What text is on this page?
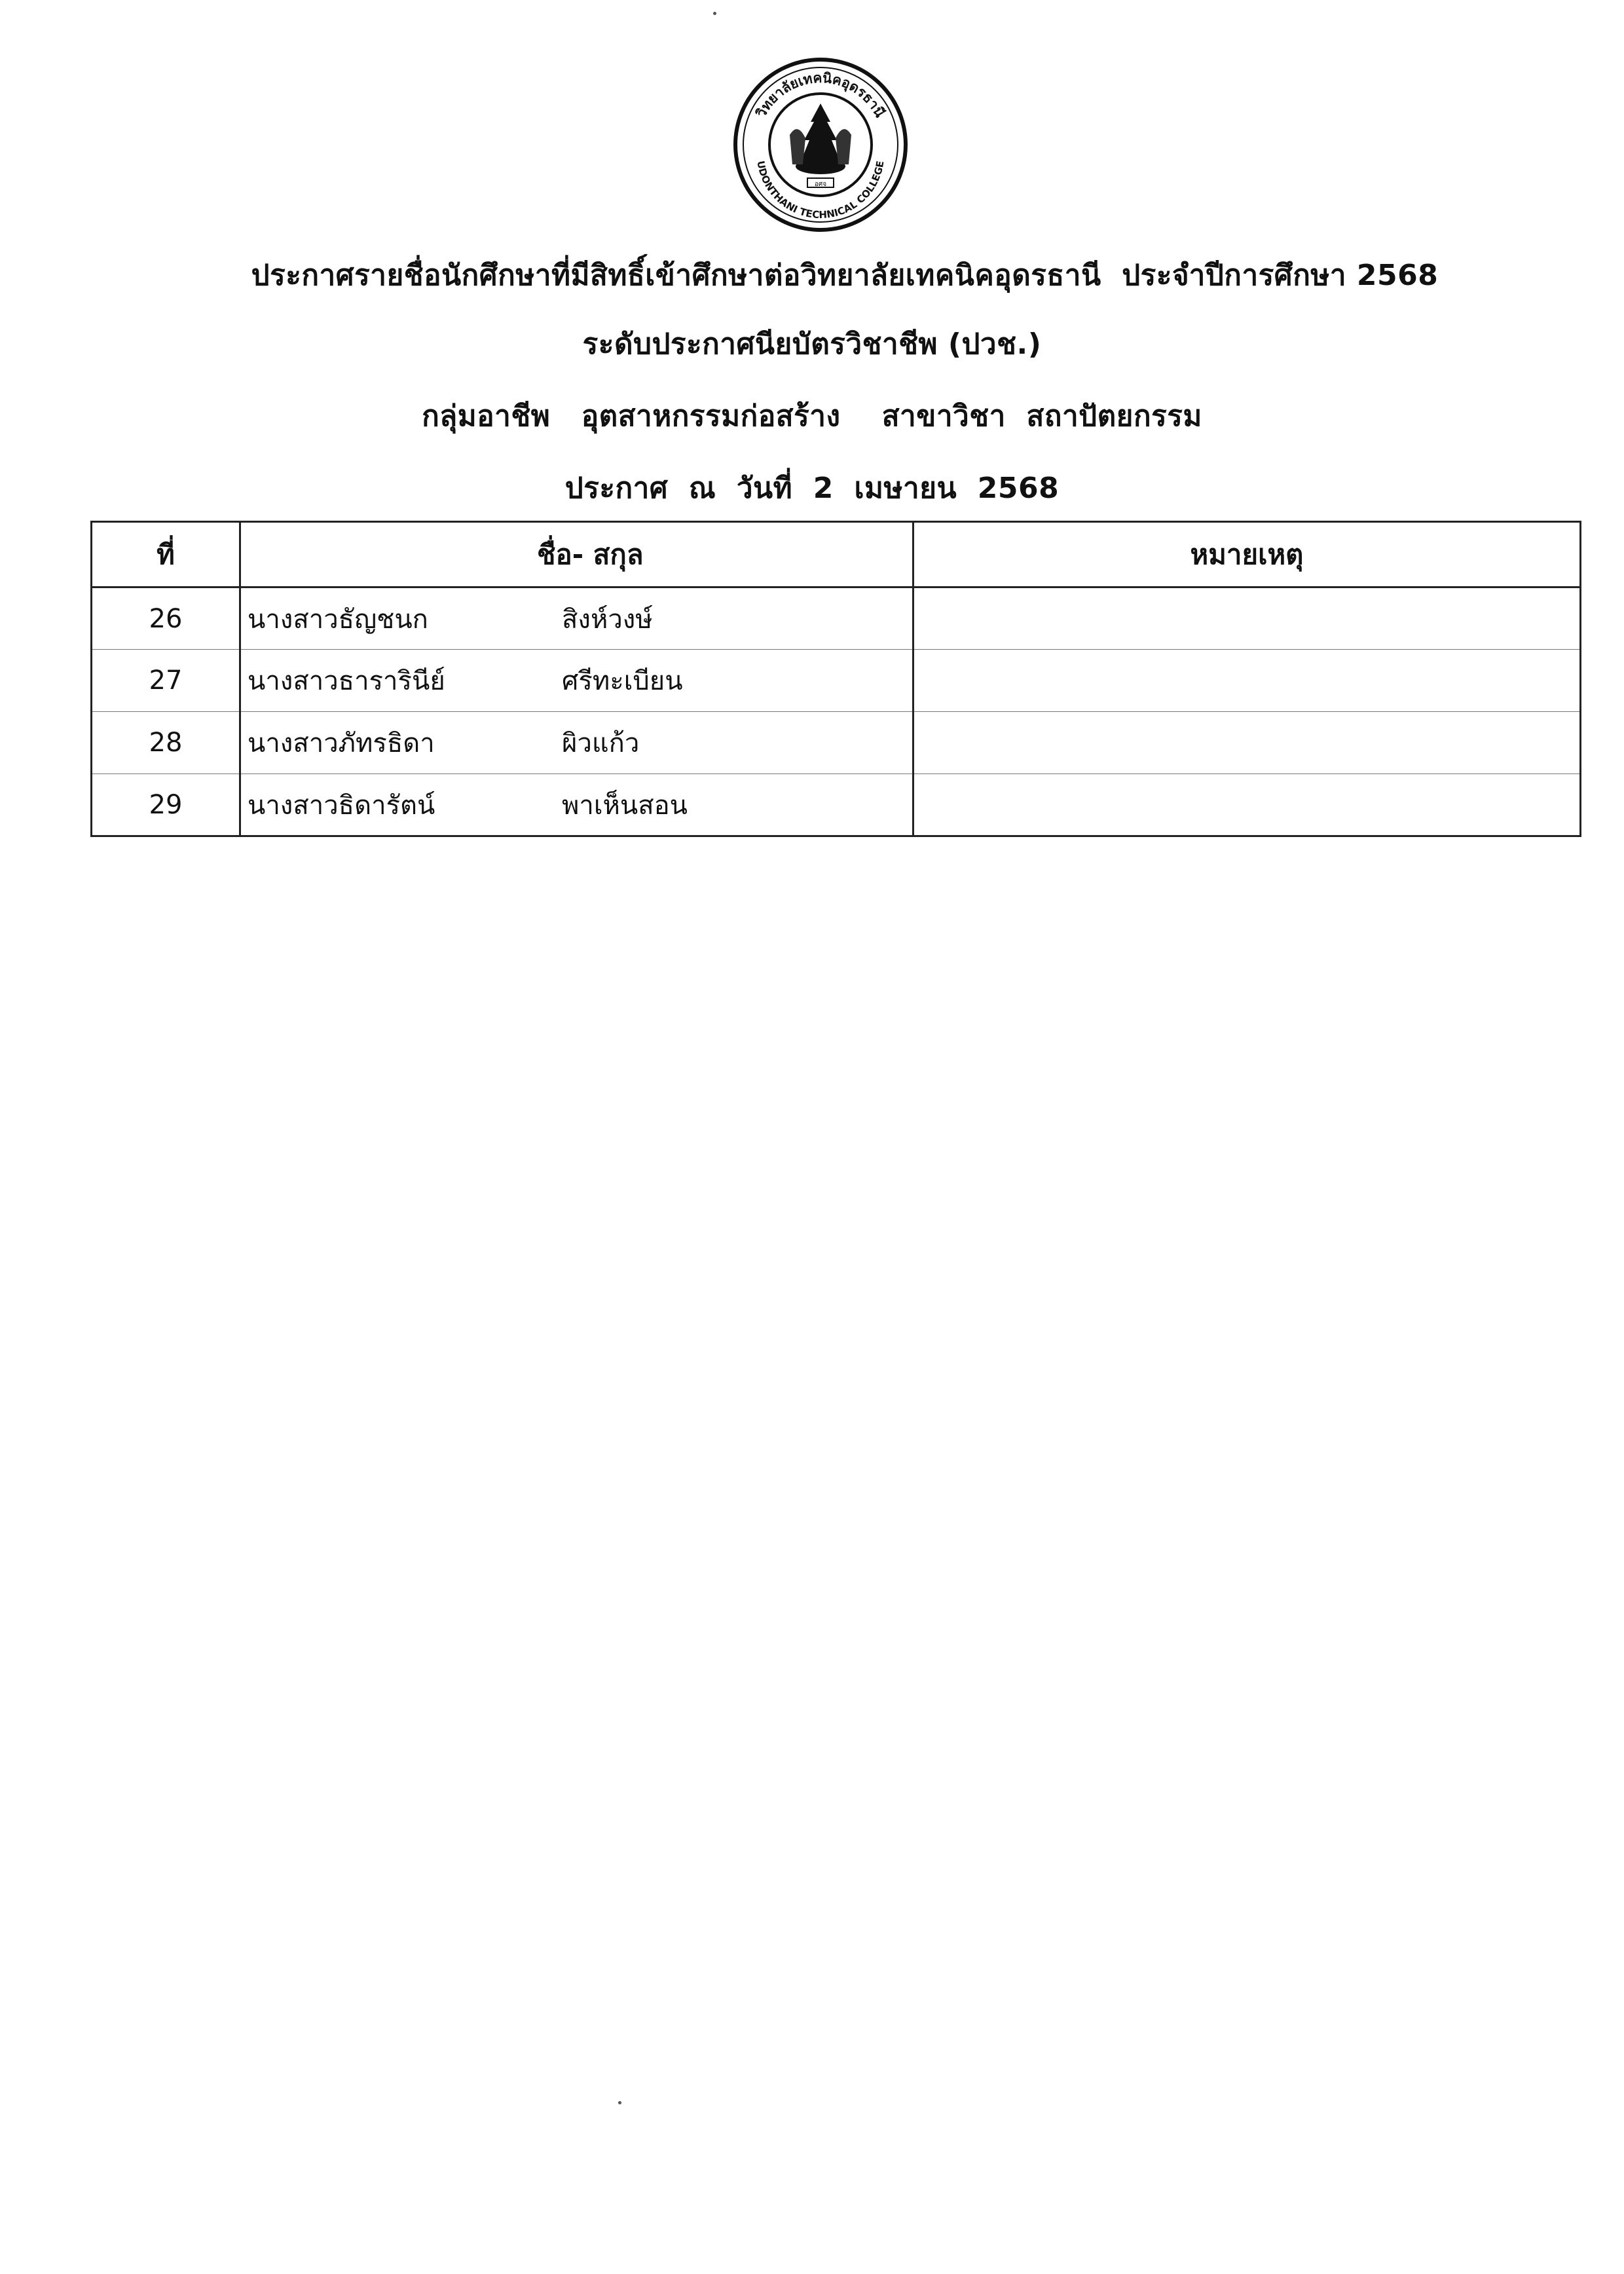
วิทยาลัยเทคนิคอุดรธานี
UDONTHANI TECHNICAL COLLEGE
อศจ
ประกาศรายชื่อนักศึกษาที่มีสิทธิ์เข้าศึกษาต่อวิทยาลัยเทคนิคอุดรธานี  ประจำปีการศึกษา 2568
ระดับประกาศนียบัตรวิชาชีพ (ปวช.)
กลุ่มอาชีพ   อุตสาหกรรมก่อสร้าง    สาขาวิชา  สถาปัตยกรรม
ประกาศ  ณ  วันที่  2  เมษายน  2568
ที่	ชื่อ- สกุล	หมายเหตุ
26	นางสาวธัญชนก สิงห์วงษ์	

27	นางสาวธารารินีย์ ศรีทะเบียน	

28	นางสาวภัทรธิดา ผิวแก้ว	

29	นางสาวธิดารัตน์ พาเห็นสอน	
